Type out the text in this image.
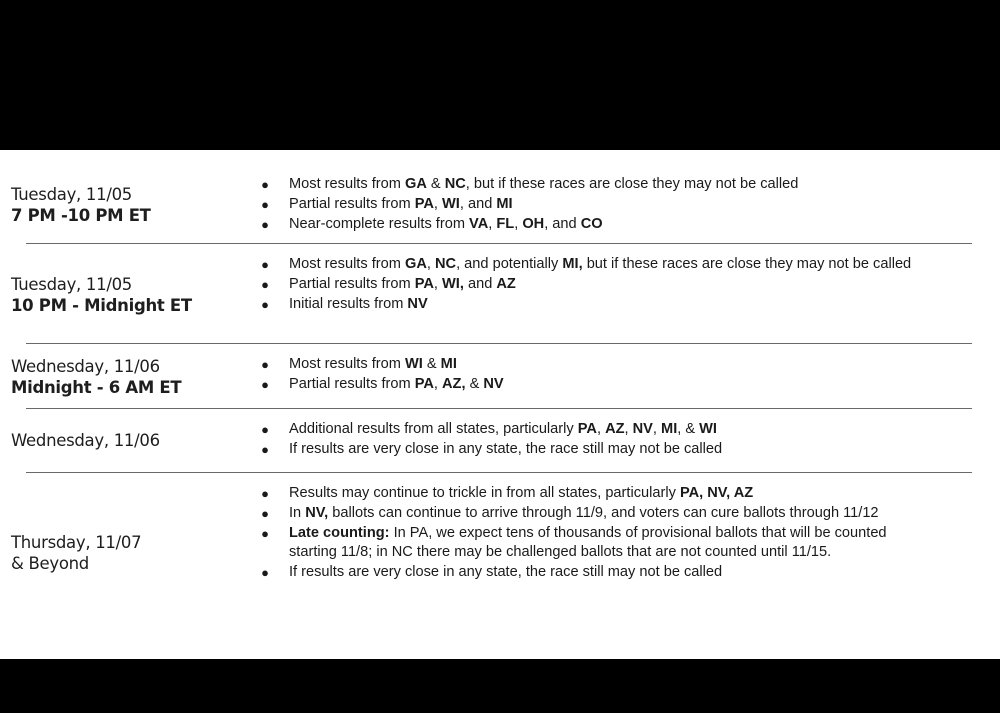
Tuesday, 11/05
7 PM -10 PM ET
● Most results from GA & NC, but if these races are close they may not be called
● Partial results from PA, WI, and MI
● Near-complete results from VA, FL, OH, and CO
Tuesday, 11/05
10 PM - Midnight ET
● Most results from GA, NC, and potentially MI, but if these races are close they may not be called
● Partial results from PA, WI, and AZ
● Initial results from NV
Wednesday, 11/06
Midnight - 6 AM ET
● Most results from WI & MI
● Partial results from PA, AZ, & NV
Wednesday, 11/06
● Additional results from all states, particularly PA, AZ, NV, MI, & WI
● If results are very close in any state, the race still may not be called
Thursday, 11/07
& Beyond
● Results may continue to trickle in from all states, particularly PA, NV, AZ
● In NV, ballots can continue to arrive through 11/9, and voters can cure ballots through 11/12
● Late counting: In PA, we expect tens of thousands of provisional ballots that will be counted starting 11/8; in NC there may be challenged ballots that are not counted until 11/15.
● If results are very close in any state, the race still may not be called
